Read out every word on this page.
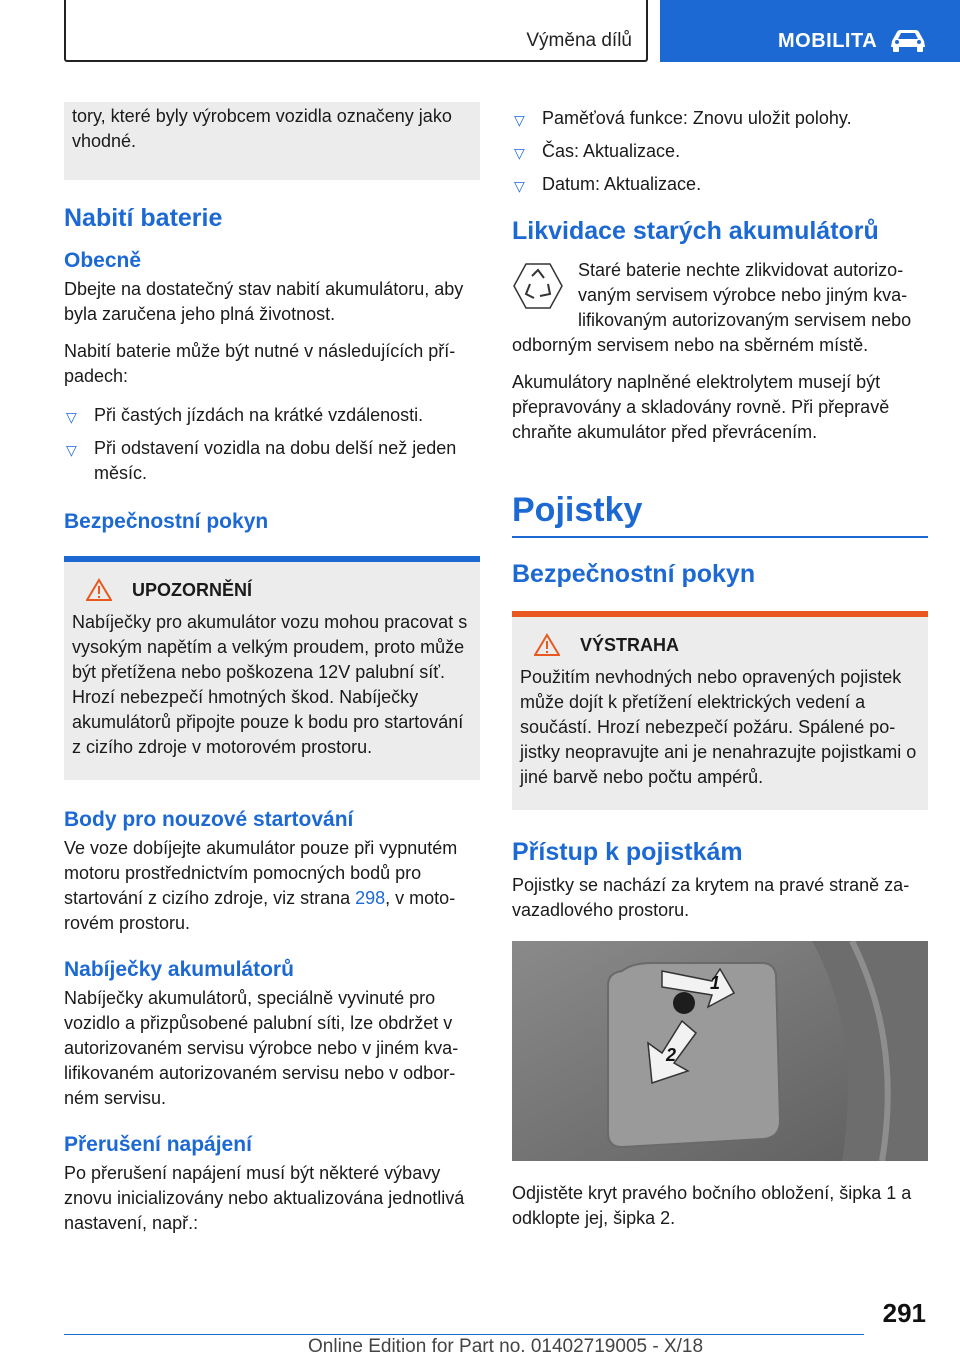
Výměna dílů	MOBILITA

tory, které byly výrobcem vozidla označeny jako vhodné.

Nabití baterie
Obecně

Dbejte na dostatečný stav nabití akumulátoru, aby byla zaručena jeho plná životnost.

Nabití baterie může být nutné v následujících případech:

▽ Při častých jízdách na krátké vzdálenosti.
▽ Při odstavení vozidla na dobu delší než jeden měsíc.
Bezpečnostní pokyn
UPOZORNĚNÍ

Nabíječky pro akumulátor vozu mohou pracovat s vysokým napětím a velkým proudem, proto může být přetížena nebo poškozena 12V palubní síť. Hrozí nebezpečí hmotných škod. Nabíječky akumulátorů připojte pouze k bodu pro startování z cizího zdroje v motorovém prostoru.

Body pro nouzové startování

Ve voze dobíjejte akumulátor pouze při vypnutém motoru prostřednictvím pomocných bodů pro startování z cizího zdroje, viz strana 298, v motorovém prostoru.

Nabíječky akumulátorů

Nabíječky akumulátorů, speciálně vyvinuté pro vozidlo a přizpůsobené palubní síti, lze obdržet v autorizovaném servisu výrobce nebo v jiném kvalifikovaném autorizovaném servisu nebo v odborném servisu.

Přerušení napájení

Po přerušení napájení musí být některé výbavy znovu inicializovány nebo aktualizována jednotlivá nastavení, např.:

▽ Paměťová funkce: Znovu uložit polohy.
▽ Čas: Aktualizace.
▽ Datum: Aktualizace.
Likvidace starých akumulátorů

Staré baterie nechte zlikvidovat autorizovaným servisem výrobce nebo jiným kvalifikovaným autorizovaným servisem nebo odborným servisem nebo na sběrném místě.

Akumulátory naplněné elektrolytem musejí být přepravovány a skladovány rovně. Při přepravě chraňte akumulátor před převrácením.

Pojistky
Bezpečnostní pokyn
VÝSTRAHA

Použitím nevhodných nebo opravených pojistek může dojít k přetížení elektrických vedení a součástí. Hrozí nebezpečí požáru. Spálené pojistky neopravujte ani je nenahrazujte pojistkami o jiné barvě nebo počtu ampérů.

Přístup k pojistkám

Pojistky se nachází za krytem na pravé straně zavazadlového prostoru.

1
2

Odjistěte kryt pravého bočního obložení, šipka 1 a odklopte jej, šipka 2.

291
Online Edition for Part no. 01402719005 - X/18
